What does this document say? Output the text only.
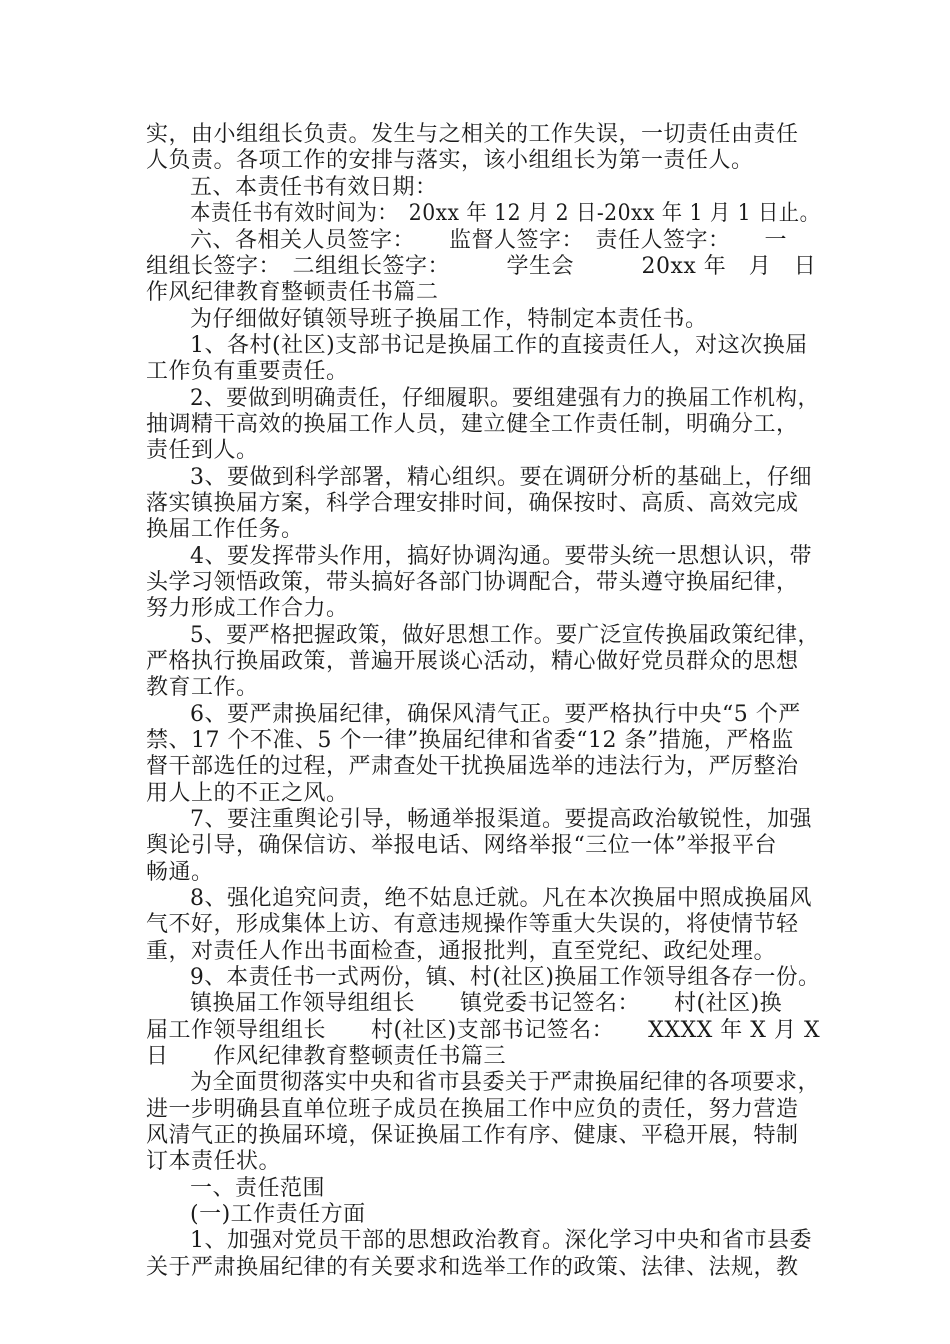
实，由小组组长负责。发生与之相关的工作失误，一切责任由责任
人负责。各项工作的安排与落实，该小组组长为第一责任人。
五、本责任书有效日期：
本责任书有效时间为：　20xx 年 12 月 2 日-20xx 年 1 月 1 日止。
六、各相关人员签字：　　监督人签字：　责任人签字：　　一
组组长签字：　二组组长签字：　　　学生会　　　20xx 年　月　日
作风纪律教育整顿责任书篇二
为仔细做好镇领导班子换届工作，特制定本责任书。
1、各村(社区)支部书记是换届工作的直接责任人，对这次换届
工作负有重要责任。
2、要做到明确责任，仔细履职。要组建强有力的换届工作机构，
抽调精干高效的换届工作人员，建立健全工作责任制，明确分工，
责任到人。
3、要做到科学部署，精心组织。要在调研分析的基础上，仔细
落实镇换届方案，科学合理安排时间，确保按时、高质、高效完成
换届工作任务。
4、要发挥带头作用，搞好协调沟通。要带头统一思想认识，带
头学习领悟政策，带头搞好各部门协调配合，带头遵守换届纪律，
努力形成工作合力。
5、要严格把握政策，做好思想工作。要广泛宣传换届政策纪律，
严格执行换届政策，普遍开展谈心活动，精心做好党员群众的思想
教育工作。
6、要严肃换届纪律，确保风清气正。要严格执行中央“5 个严
禁、17 个不准、5 个一律”换届纪律和省委“12 条”措施，严格监
督干部选任的过程，严肃查处干扰换届选举的违法行为，严厉整治
用人上的不正之风。
7、要注重舆论引导，畅通举报渠道。要提高政治敏锐性，加强
舆论引导，确保信访、举报电话、网络举报“三位一体”举报平台
畅通。
8、强化追究问责，绝不姑息迁就。凡在本次换届中照成换届风
气不好，形成集体上访、有意违规操作等重大失误的，将使情节轻
重，对责任人作出书面检查，通报批判，直至党纪、政纪处理。
9、本责任书一式两份，镇、村(社区)换届工作领导组各存一份。
镇换届工作领导组组长　　镇党委书记签名：　　村(社区)换
届工作领导组组长　　村(社区)支部书记签名：　　XXXX 年 X 月 X
日　　作风纪律教育整顿责任书篇三
为全面贯彻落实中央和省市县委关于严肃换届纪律的各项要求，
进一步明确县直单位班子成员在换届工作中应负的责任，努力营造
风清气正的换届环境，保证换届工作有序、健康、平稳开展，特制
订本责任状。
一、责任范围
(一)工作责任方面
1、加强对党员干部的思想政治教育。深化学习中央和省市县委
关于严肃换届纪律的有关要求和选举工作的政策、法律、法规，教
